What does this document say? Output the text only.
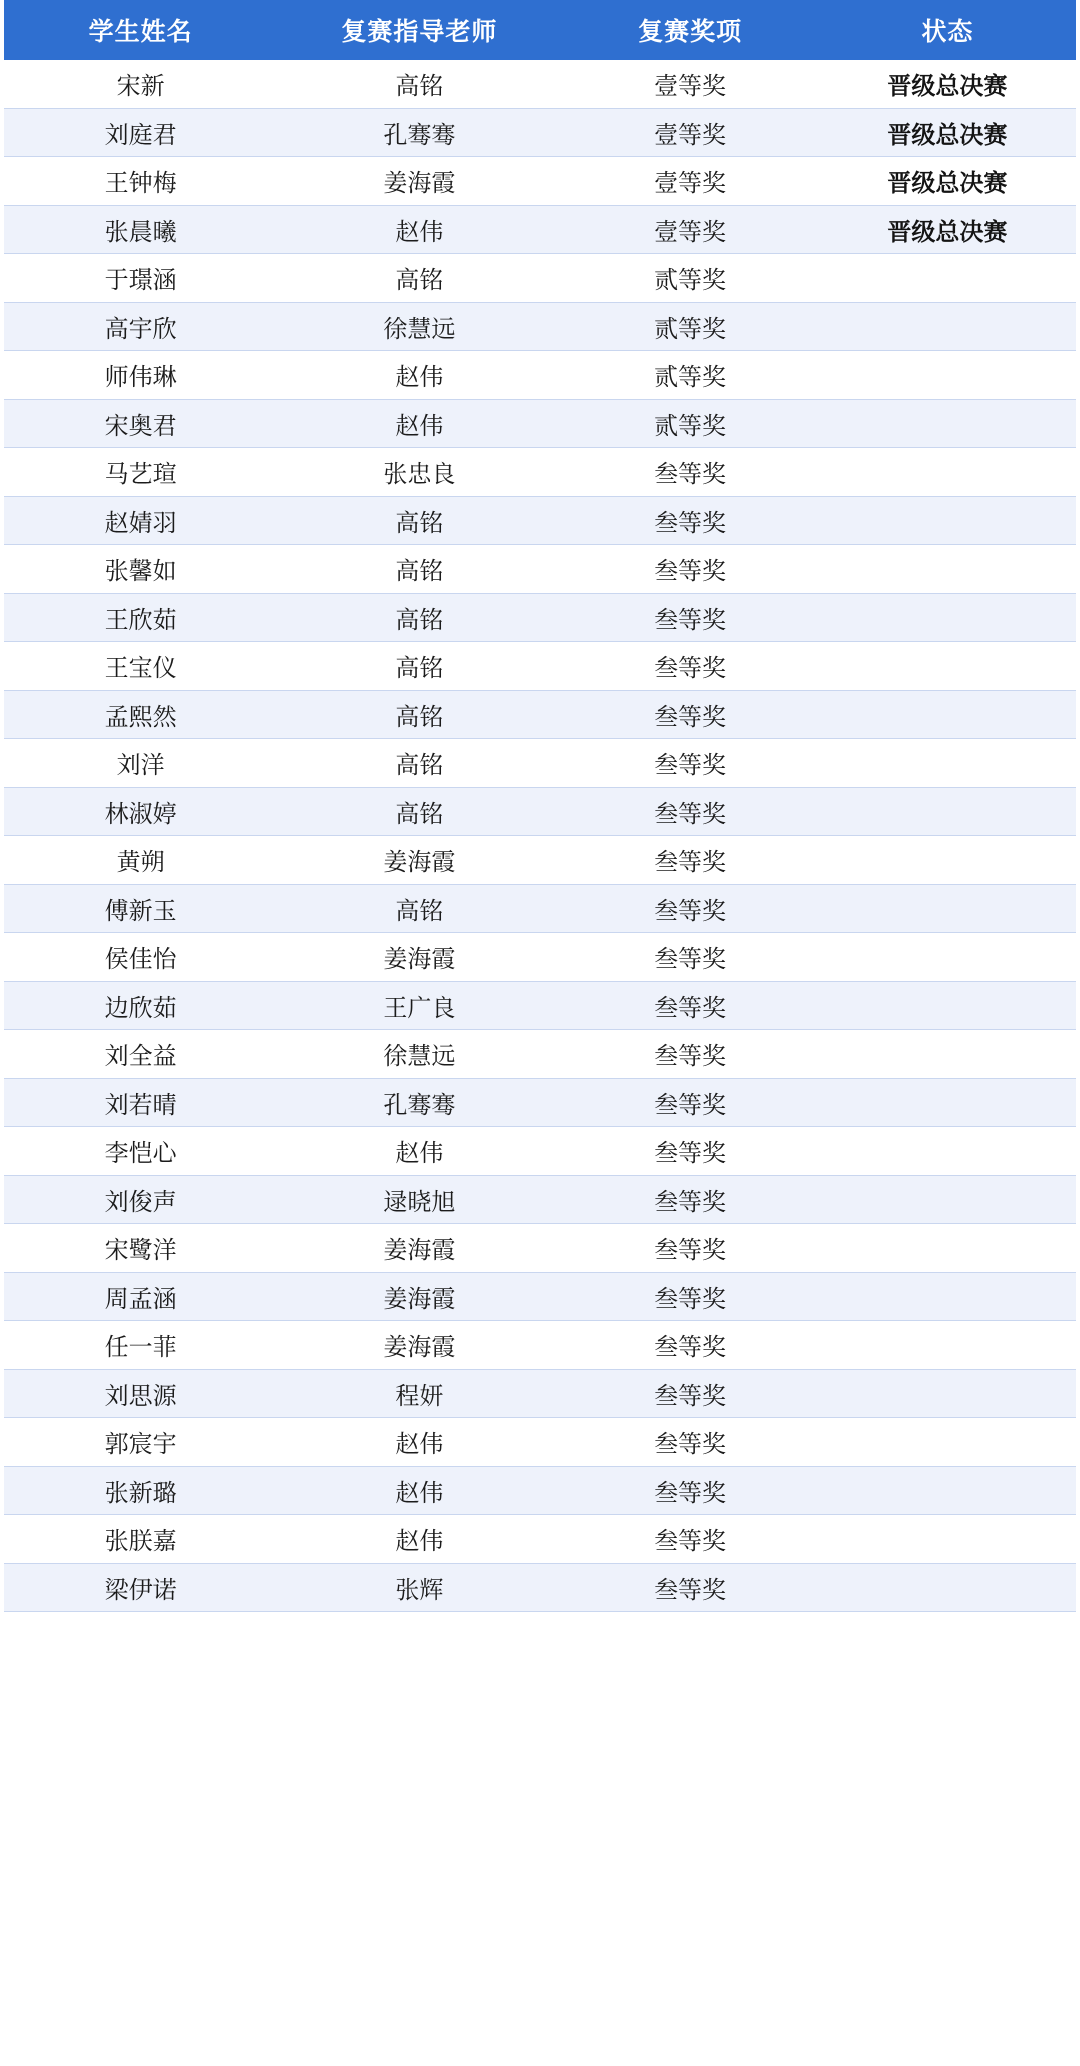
学生姓名	复赛指导老师	复赛奖项	状态
宋新	高铭	壹等奖	晋级总决赛
刘庭君	孔骞骞	壹等奖	晋级总决赛
王钟梅	姜海霞	壹等奖	晋级总决赛
张晨曦	赵伟	壹等奖	晋级总决赛
于璟涵	高铭	贰等奖	
高宇欣	徐慧远	贰等奖	
师伟琳	赵伟	贰等奖	
宋奥君	赵伟	贰等奖	
马艺瑄	张忠良	叁等奖	
赵婧羽	高铭	叁等奖	
张馨如	高铭	叁等奖	
王欣茹	高铭	叁等奖	
王宝仪	高铭	叁等奖	
孟熙然	高铭	叁等奖	
刘洋	高铭	叁等奖	
林淑婷	高铭	叁等奖	
黄朔	姜海霞	叁等奖	
傅新玉	高铭	叁等奖	
侯佳怡	姜海霞	叁等奖	
边欣茹	王广良	叁等奖	
刘全益	徐慧远	叁等奖	
刘若晴	孔骞骞	叁等奖	
李恺心	赵伟	叁等奖	
刘俊声	逯晓旭	叁等奖	
宋鹭洋	姜海霞	叁等奖	
周孟涵	姜海霞	叁等奖	
任一菲	姜海霞	叁等奖	
刘思源	程妍	叁等奖	
郭宸宇	赵伟	叁等奖	
张新璐	赵伟	叁等奖	
张朕嘉	赵伟	叁等奖	
梁伊诺	张辉	叁等奖	
